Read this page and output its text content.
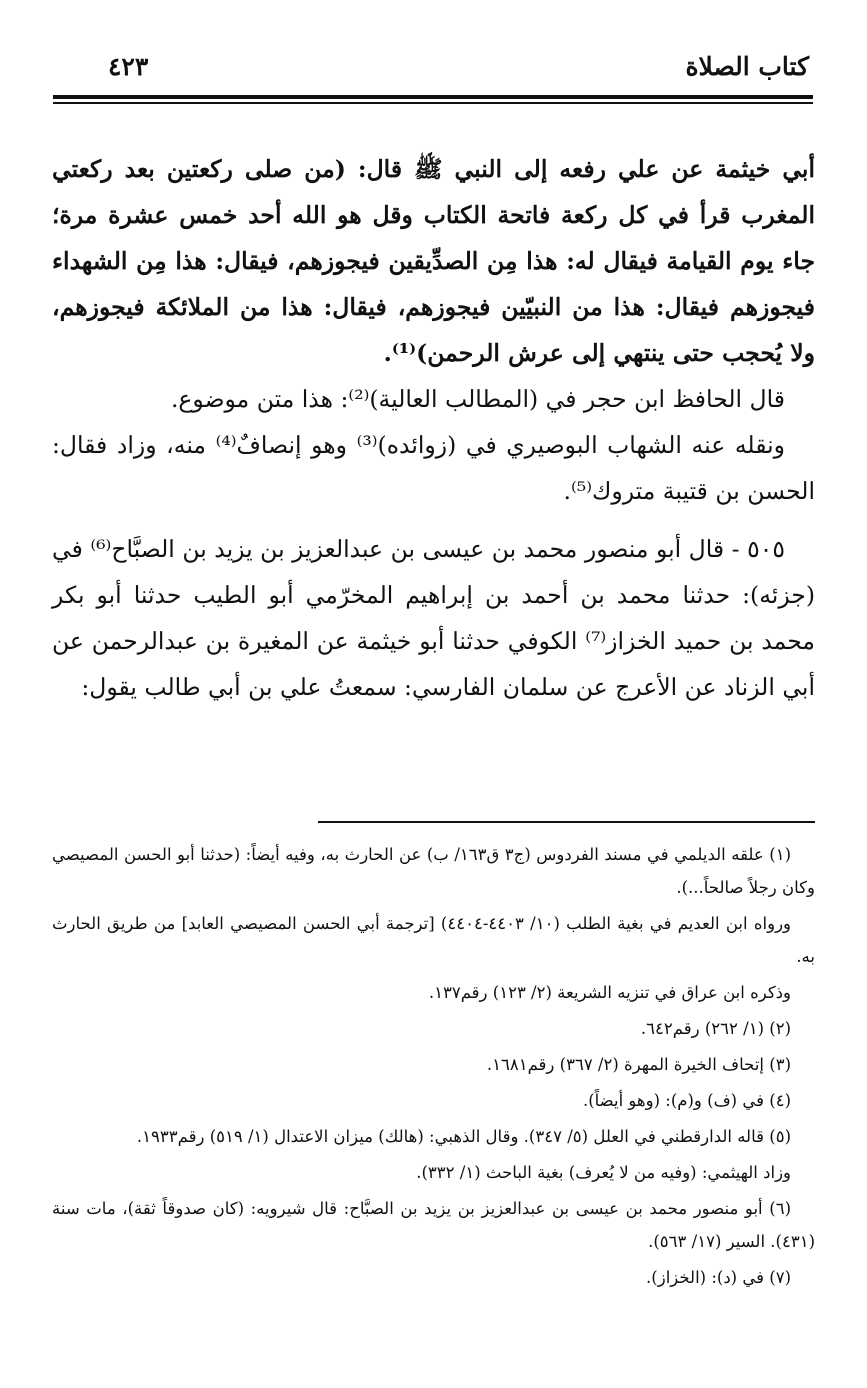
كتاب الصلاة
٤٢٣

أبي خيثمة عن علي رفعه إلى النبي ﷺ قال: (من صلى ركعتين بعد ركعتي المغرب قرأ في كل ركعة فاتحة الكتاب وقل هو الله أحد خمس عشرة مرة؛ جاء يوم القيامة فيقال له: هذا مِن الصدِّيقين فيجوزهم، فيقال: هذا مِن الشهداء فيجوزهم فيقال: هذا من النبيّين فيجوزهم، فيقال: هذا من الملائكة فيجوزهم، ولا يُحجب حتى ينتهي إلى عرش الرحمن)⁽¹⁾.

قال الحافظ ابن حجر في (المطالب العالية)⁽²⁾: هذا متن موضوع.

ونقله عنه الشهاب البوصيري في (زوائده)⁽³⁾ وهو إنصافٌ⁽⁴⁾ منه، وزاد فقال: الحسن بن قتيبة متروك⁽⁵⁾.

٥٠٥ - قال أبو منصور محمد بن عيسى بن عبدالعزيز بن يزيد بن الصبَّاح⁽⁶⁾ في (جزئه): حدثنا محمد بن أحمد بن إبراهيم المخرّمي أبو الطيب حدثنا أبو بكر محمد بن حميد الخزاز⁽⁷⁾ الكوفي حدثنا أبو خيثمة عن المغيرة بن عبدالرحمن عن أبي الزناد عن الأعرج عن سلمان الفارسي: سمعتُ علي بن أبي طالب يقول:

(١) علقه الديلمي في مسند الفردوس (ج٣ ق١٦٣/ ب) عن الحارث به، وفيه أيضاً: (حدثنا أبو الحسن المصيصي وكان رجلاً صالحاً...).

ورواه ابن العديم في بغية الطلب (١٠/ ٤٤٠٣-٤٤٠٤) [ترجمة أبي الحسن المصيصي العابد] من طريق الحارث به.

وذكره ابن عراق في تنزيه الشريعة (٢/ ١٢٣) رقم١٣٧.

(٢) (١/ ٢٦٢) رقم٦٤٢.

(٣) إتحاف الخيرة المهرة (٢/ ٣٦٧) رقم١٦٨١.

(٤) في (ف) و(م): (وهو أيضاً).

(٥) قاله الدارقطني في العلل (٥/ ٣٤٧). وقال الذهبي: (هالك) ميزان الاعتدال (١/ ٥١٩) رقم١٩٣٣.

وزاد الهيثمي: (وفيه من لا يُعرف) بغية الباحث (١/ ٣٣٢).

(٦) أبو منصور محمد بن عيسى بن عبدالعزيز بن يزيد بن الصبَّاح: قال شيرويه: (كان صدوقاً ثقة)، مات سنة (٤٣١). السير (١٧/ ٥٦٣).

(٧) في (د): (الخزاز).
